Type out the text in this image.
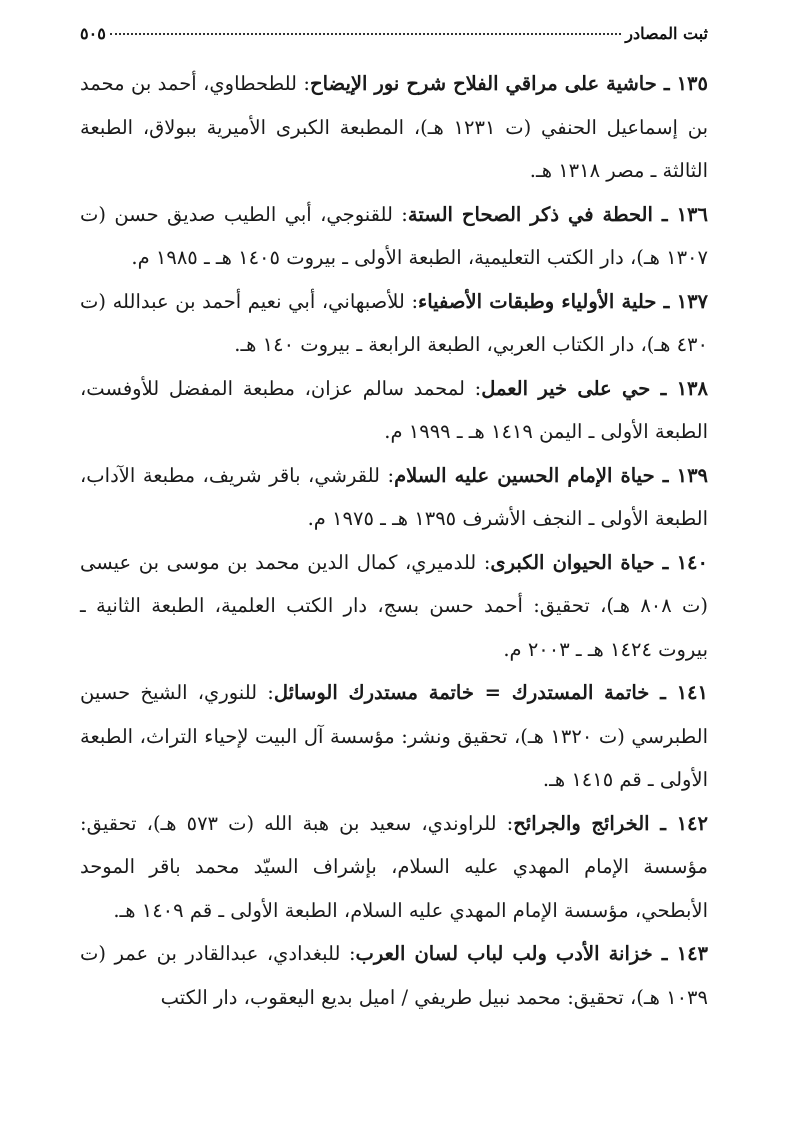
ثبت المصادر
٥٠٥

١٣٥ ـ حاشية على مراقي الفلاح شرح نور الإيضاح: للطحطاوي، أحمد بن محمد بن إسماعيل الحنفي (ت ١٢٣١ هـ)، المطبعة الكبرى الأميرية ببولاق، الطبعة الثالثة ـ مصر ١٣١٨ هـ.

١٣٦ ـ الحطة في ذكر الصحاح الستة: للقنوجي، أبي الطيب صديق حسن (ت ١٣٠٧ هـ)، دار الكتب التعليمية، الطبعة الأولى ـ بيروت ١٤٠٥ هـ ـ ١٩٨٥ م.

١٣٧ ـ حلية الأولياء وطبقات الأصفياء: للأصبهاني، أبي نعيم أحمد بن عبدالله (ت ٤٣٠ هـ)، دار الكتاب العربي، الطبعة الرابعة ـ بيروت ١٤٠ هـ.

١٣٨ ـ حي على خير العمل: لمحمد سالم عزان، مطبعة المفضل للأوفست، الطبعة الأولى ـ اليمن ١٤١٩ هـ ـ ١٩٩٩ م.

١٣٩ ـ حياة الإمام الحسين عليه السلام: للقرشي، باقر شريف، مطبعة الآداب، الطبعة الأولى ـ النجف الأشرف ١٣٩٥ هـ ـ ١٩٧٥ م.

١٤٠ ـ حياة الحيوان الكبرى: للدميري، كمال الدين محمد بن موسى بن عيسى (ت ٨٠٨ هـ)، تحقيق: أحمد حسن بسج، دار الكتب العلمية، الطبعة الثانية ـ بيروت ١٤٢٤ هـ ـ ٢٠٠٣ م.

١٤١ ـ خاتمة المستدرك = خاتمة مستدرك الوسائل: للنوري، الشيخ حسين الطبرسي (ت ١٣٢٠ هـ)، تحقيق ونشر: مؤسسة آل البيت لإحياء التراث، الطبعة الأولى ـ قم ١٤١٥ هـ.

١٤٢ ـ الخرائج والجرائح: للراوندي، سعيد بن هبة الله (ت ٥٧٣ هـ)، تحقيق: مؤسسة الإمام المهدي عليه السلام، بإشراف السيّد محمد باقر الموحد الأبطحي، مؤسسة الإمام المهدي عليه السلام، الطبعة الأولى ـ قم ١٤٠٩ هـ.

١٤٣ ـ خزانة الأدب ولب لباب لسان العرب: للبغدادي، عبدالقادر بن عمر (ت ١٠٣٩ هـ)، تحقيق: محمد نبيل طريفي / اميل بديع اليعقوب، دار الكتب
